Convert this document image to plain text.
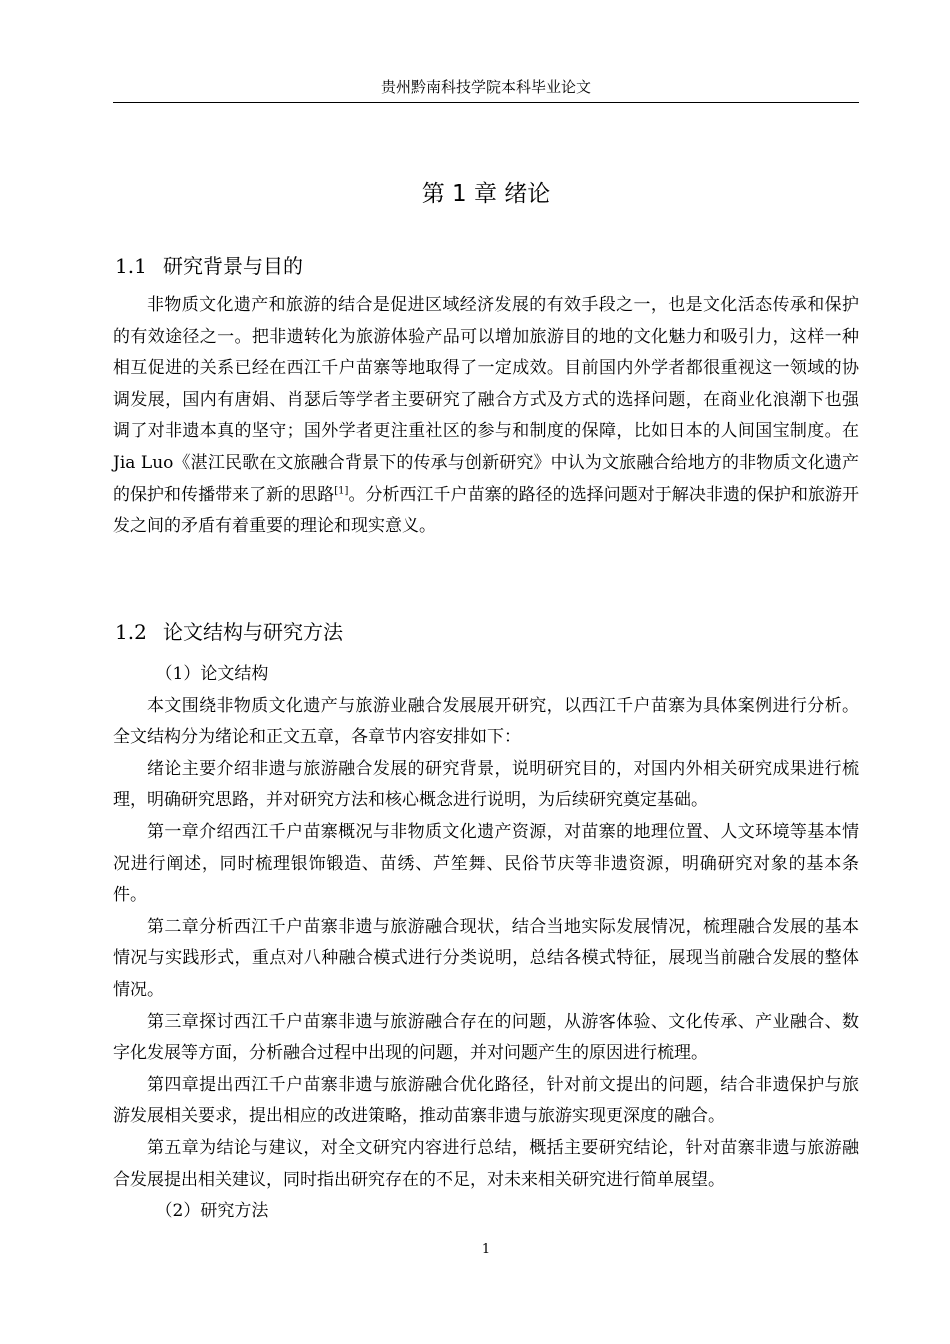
贵州黔南科技学院本科毕业论文
第 1 章 绪论
1.1 研究背景与目的

非物质文化遗产和旅游的结合是促进区域经济发展的有效手段之一，也是文化活态传承和保护的有效途径之一。把非遗转化为旅游体验产品可以增加旅游目的地的文化魅力和吸引力，这样一种相互促进的关系已经在西江千户苗寨等地取得了一定成效。目前国内外学者都很重视这一领域的协调发展，国内有唐娟、肖瑟后等学者主要研究了融合方式及方式的选择问题，在商业化浪潮下也强调了对非遗本真的坚守；国外学者更注重社区的参与和制度的保障，比如日本的人间国宝制度。在 Jia Luo《湛江民歌在文旅融合背景下的传承与创新研究》中认为文旅融合给地方的非物质文化遗产的保护和传播带来了新的思路[1]。分析西江千户苗寨的路径的选择问题对于解决非遗的保护和旅游开发之间的矛盾有着重要的理论和现实意义。

1.2 论文结构与研究方法

（1）论文结构

本文围绕非物质文化遗产与旅游业融合发展展开研究，以西江千户苗寨为具体案例进行分析。全文结构分为绪论和正文五章，各章节内容安排如下：

绪论主要介绍非遗与旅游融合发展的研究背景，说明研究目的，对国内外相关研究成果进行梳理，明确研究思路，并对研究方法和核心概念进行说明，为后续研究奠定基础。

第一章介绍西江千户苗寨概况与非物质文化遗产资源，对苗寨的地理位置、人文环境等基本情况进行阐述，同时梳理银饰锻造、苗绣、芦笙舞、民俗节庆等非遗资源，明确研究对象的基本条件。

第二章分析西江千户苗寨非遗与旅游融合现状，结合当地实际发展情况，梳理融合发展的基本情况与实践形式，重点对八种融合模式进行分类说明，总结各模式特征，展现当前融合发展的整体情况。

第三章探讨西江千户苗寨非遗与旅游融合存在的问题，从游客体验、文化传承、产业融合、数字化发展等方面，分析融合过程中出现的问题，并对问题产生的原因进行梳理。

第四章提出西江千户苗寨非遗与旅游融合优化路径，针对前文提出的问题，结合非遗保护与旅游发展相关要求，提出相应的改进策略，推动苗寨非遗与旅游实现更深度的融合。

第五章为结论与建议，对全文研究内容进行总结，概括主要研究结论，针对苗寨非遗与旅游融合发展提出相关建议，同时指出研究存在的不足，对未来相关研究进行简单展望。

（2）研究方法

1
